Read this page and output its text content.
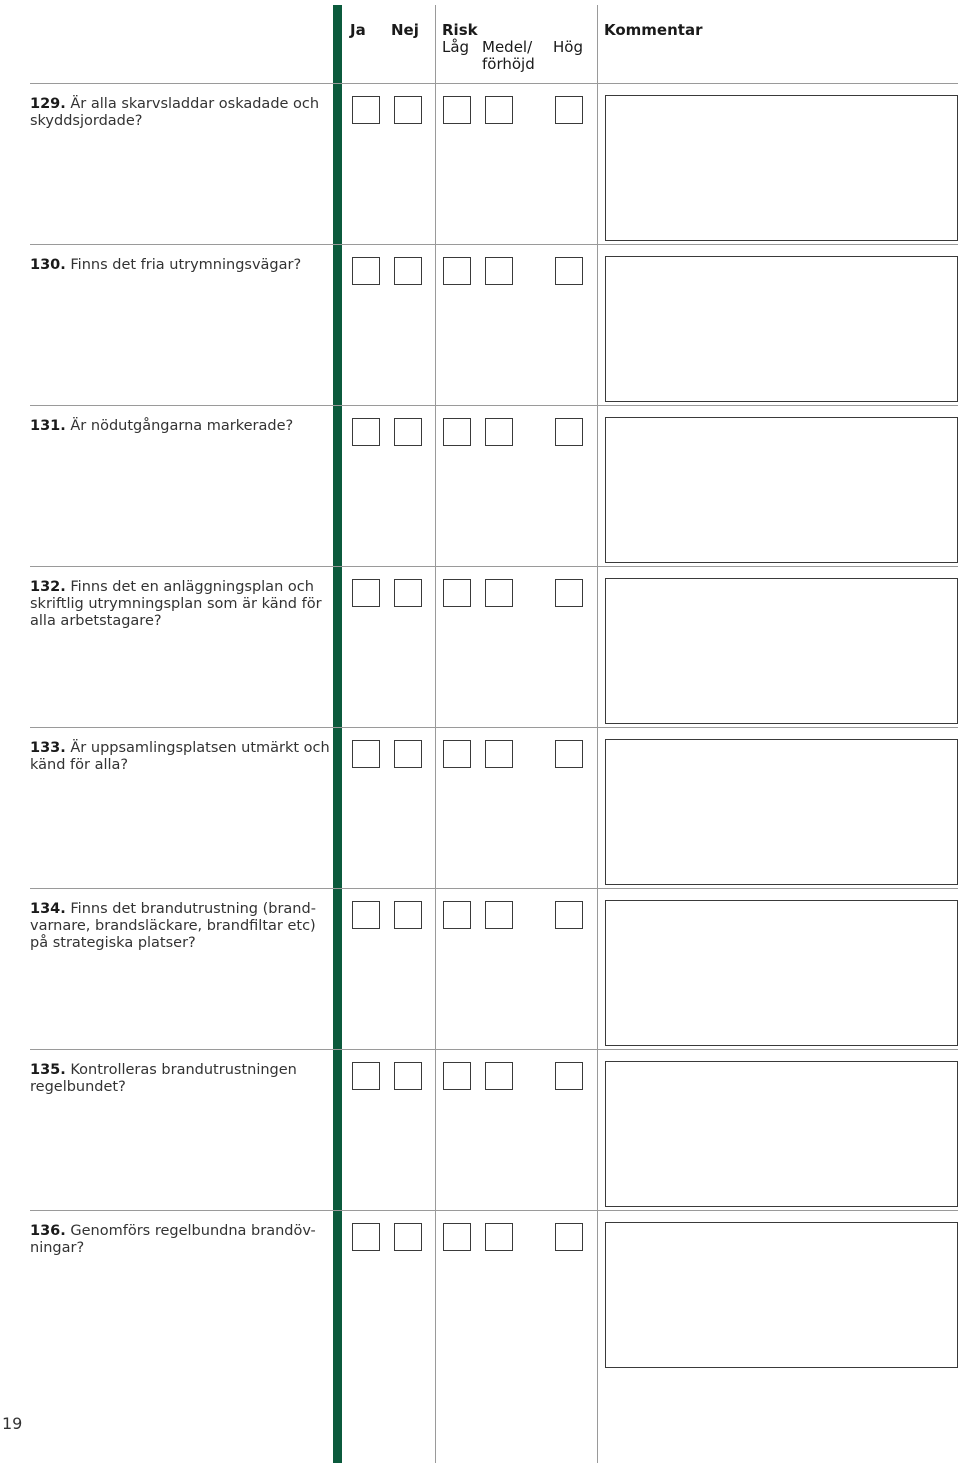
Ja Nej Risk
Låg Medel/
förhöjd
Hög
Kommentar
129. Är alla skarvsladdar oskadade och skyddsjordade?
130. Finns det fria utrymningsvägar?
131. Är nödutgångarna markerade?
132. Finns det en anläggningsplan och skriftlig utrymningsplan som är känd för alla arbetstagare?
133. Är uppsamlingsplatsen utmärkt och känd för alla?
134. Finns det brandutrustning (brand-varnare, brandsläckare, brandfiltar etc) på strategiska platser?
135. Kontrolleras brandutrustningen regelbundet?
136. Genomförs regelbundna brandöv-ningar?
19
